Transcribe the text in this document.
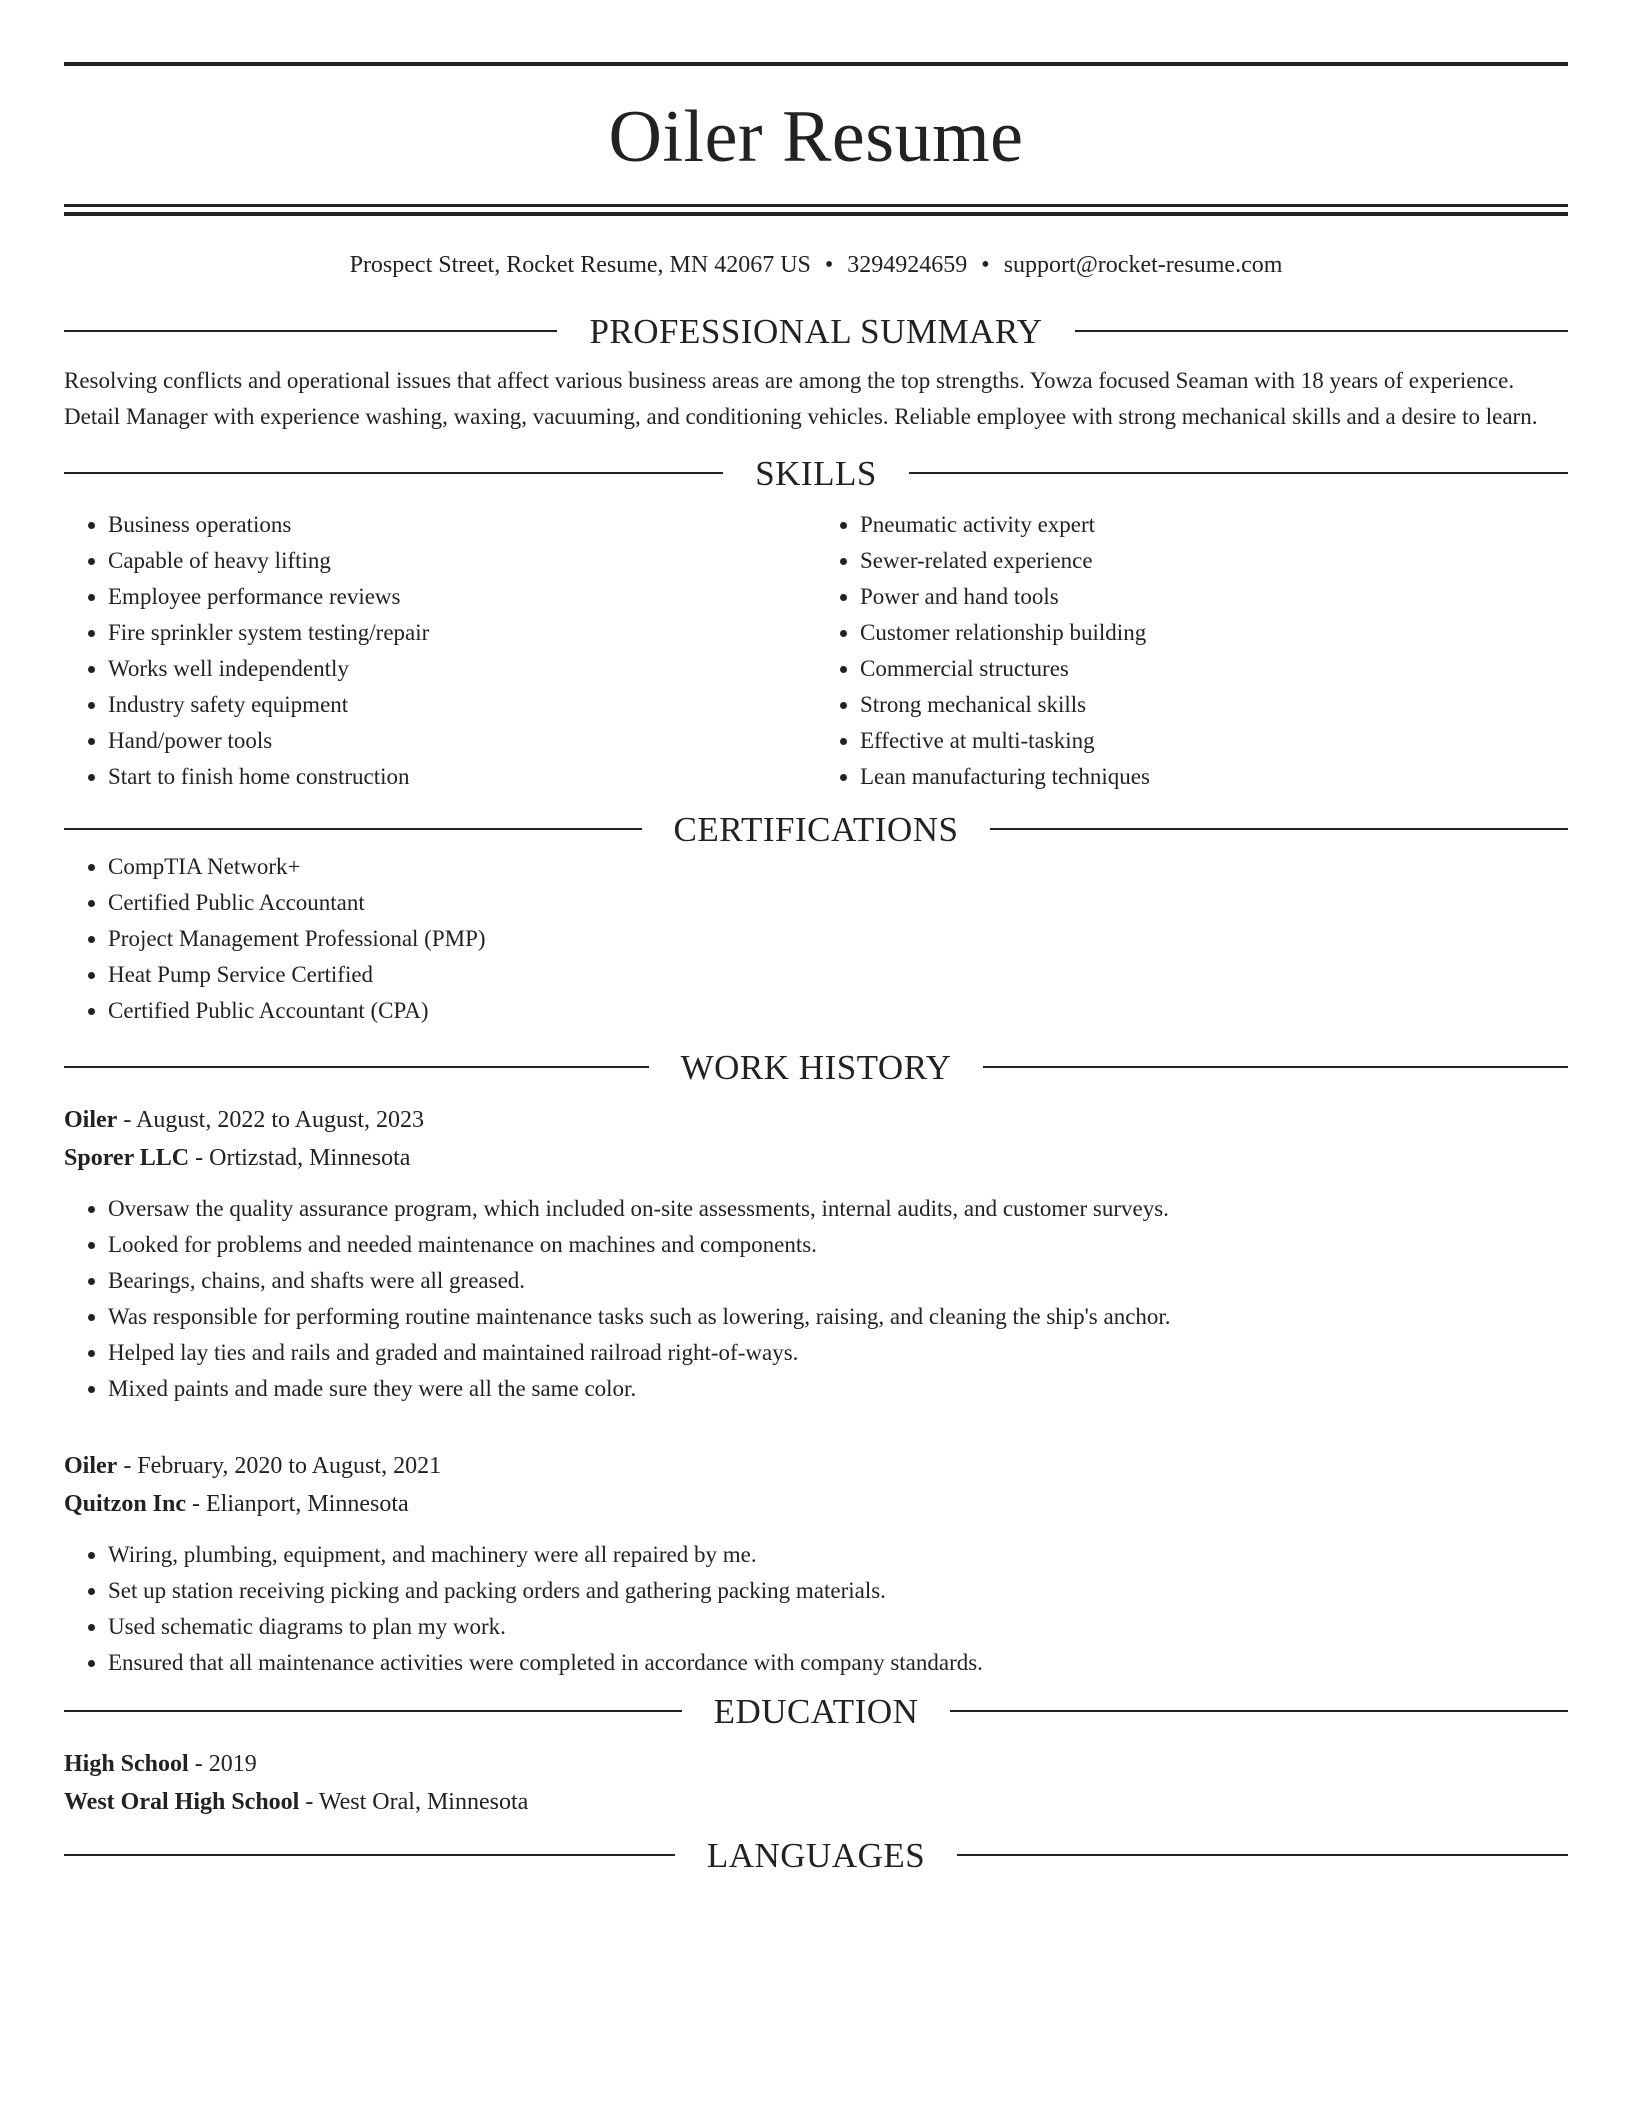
Oiler Resume
Prospect Street, Rocket Resume, MN 42067 US • 3294924659 • support@rocket-resume.com
PROFESSIONAL SUMMARY
Resolving conflicts and operational issues that affect various business areas are among the top strengths. Yowza focused Seaman with 18 years of experience. Detail Manager with experience washing, waxing, vacuuming, and conditioning vehicles. Reliable employee with strong mechanical skills and a desire to learn.
SKILLS
• Business operations
• Capable of heavy lifting
• Employee performance reviews
• Fire sprinkler system testing/repair
• Works well independently
• Industry safety equipment
• Hand/power tools
• Start to finish home construction
• Pneumatic activity expert
• Sewer-related experience
• Power and hand tools
• Customer relationship building
• Commercial structures
• Strong mechanical skills
• Effective at multi-tasking
• Lean manufacturing techniques
CERTIFICATIONS
• CompTIA Network+
• Certified Public Accountant
• Project Management Professional (PMP)
• Heat Pump Service Certified
• Certified Public Accountant (CPA)
WORK HISTORY
Oiler - August, 2022 to August, 2023
Sporer LLC - Ortizstad, Minnesota
• Oversaw the quality assurance program, which included on-site assessments, internal audits, and customer surveys.
• Looked for problems and needed maintenance on machines and components.
• Bearings, chains, and shafts were all greased.
• Was responsible for performing routine maintenance tasks such as lowering, raising, and cleaning the ship's anchor.
• Helped lay ties and rails and graded and maintained railroad right-of-ways.
• Mixed paints and made sure they were all the same color.
Oiler - February, 2020 to August, 2021
Quitzon Inc - Elianport, Minnesota
• Wiring, plumbing, equipment, and machinery were all repaired by me.
• Set up station receiving picking and packing orders and gathering packing materials.
• Used schematic diagrams to plan my work.
• Ensured that all maintenance activities were completed in accordance with company standards.
EDUCATION
High School - 2019
West Oral High School - West Oral, Minnesota
LANGUAGES
